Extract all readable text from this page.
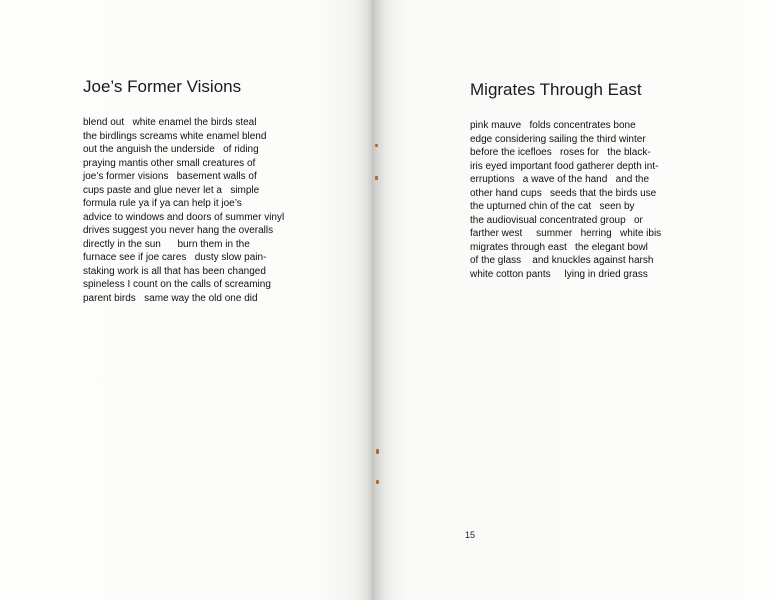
Joe’s Former Visions
blend out   white enamel the birds steal
the birdlings screams white enamel blend
out the anguish the underside   of riding
praying mantis other small creatures of
joe’s former visions   basement walls of
cups paste and glue never let a   simple
formula rule ya if ya can help it joe’s
advice to windows and doors of summer vinyl
drives suggest you never hang the overalls
directly in the sun      burn them in the
furnace see if joe cares   dusty slow pain-
staking work is all that has been changed
spineless I count on the calls of screaming
parent birds   same way the old one did
Migrates Through East
pink mauve   folds concentrates bone
edge considering sailing the third winter
before the icefloes   roses for   the black-
iris eyed important food gatherer depth int-
erruptions   a wave of the hand   and the
other hand cups   seeds that the birds use
the upturned chin of the cat   seen by
the audiovisual concentrated group   or
farther west     summer   herring   white ibis
migrates through east   the elegant bowl
of the glass    and knuckles against harsh
white cotton pants     lying in dried grass
15
